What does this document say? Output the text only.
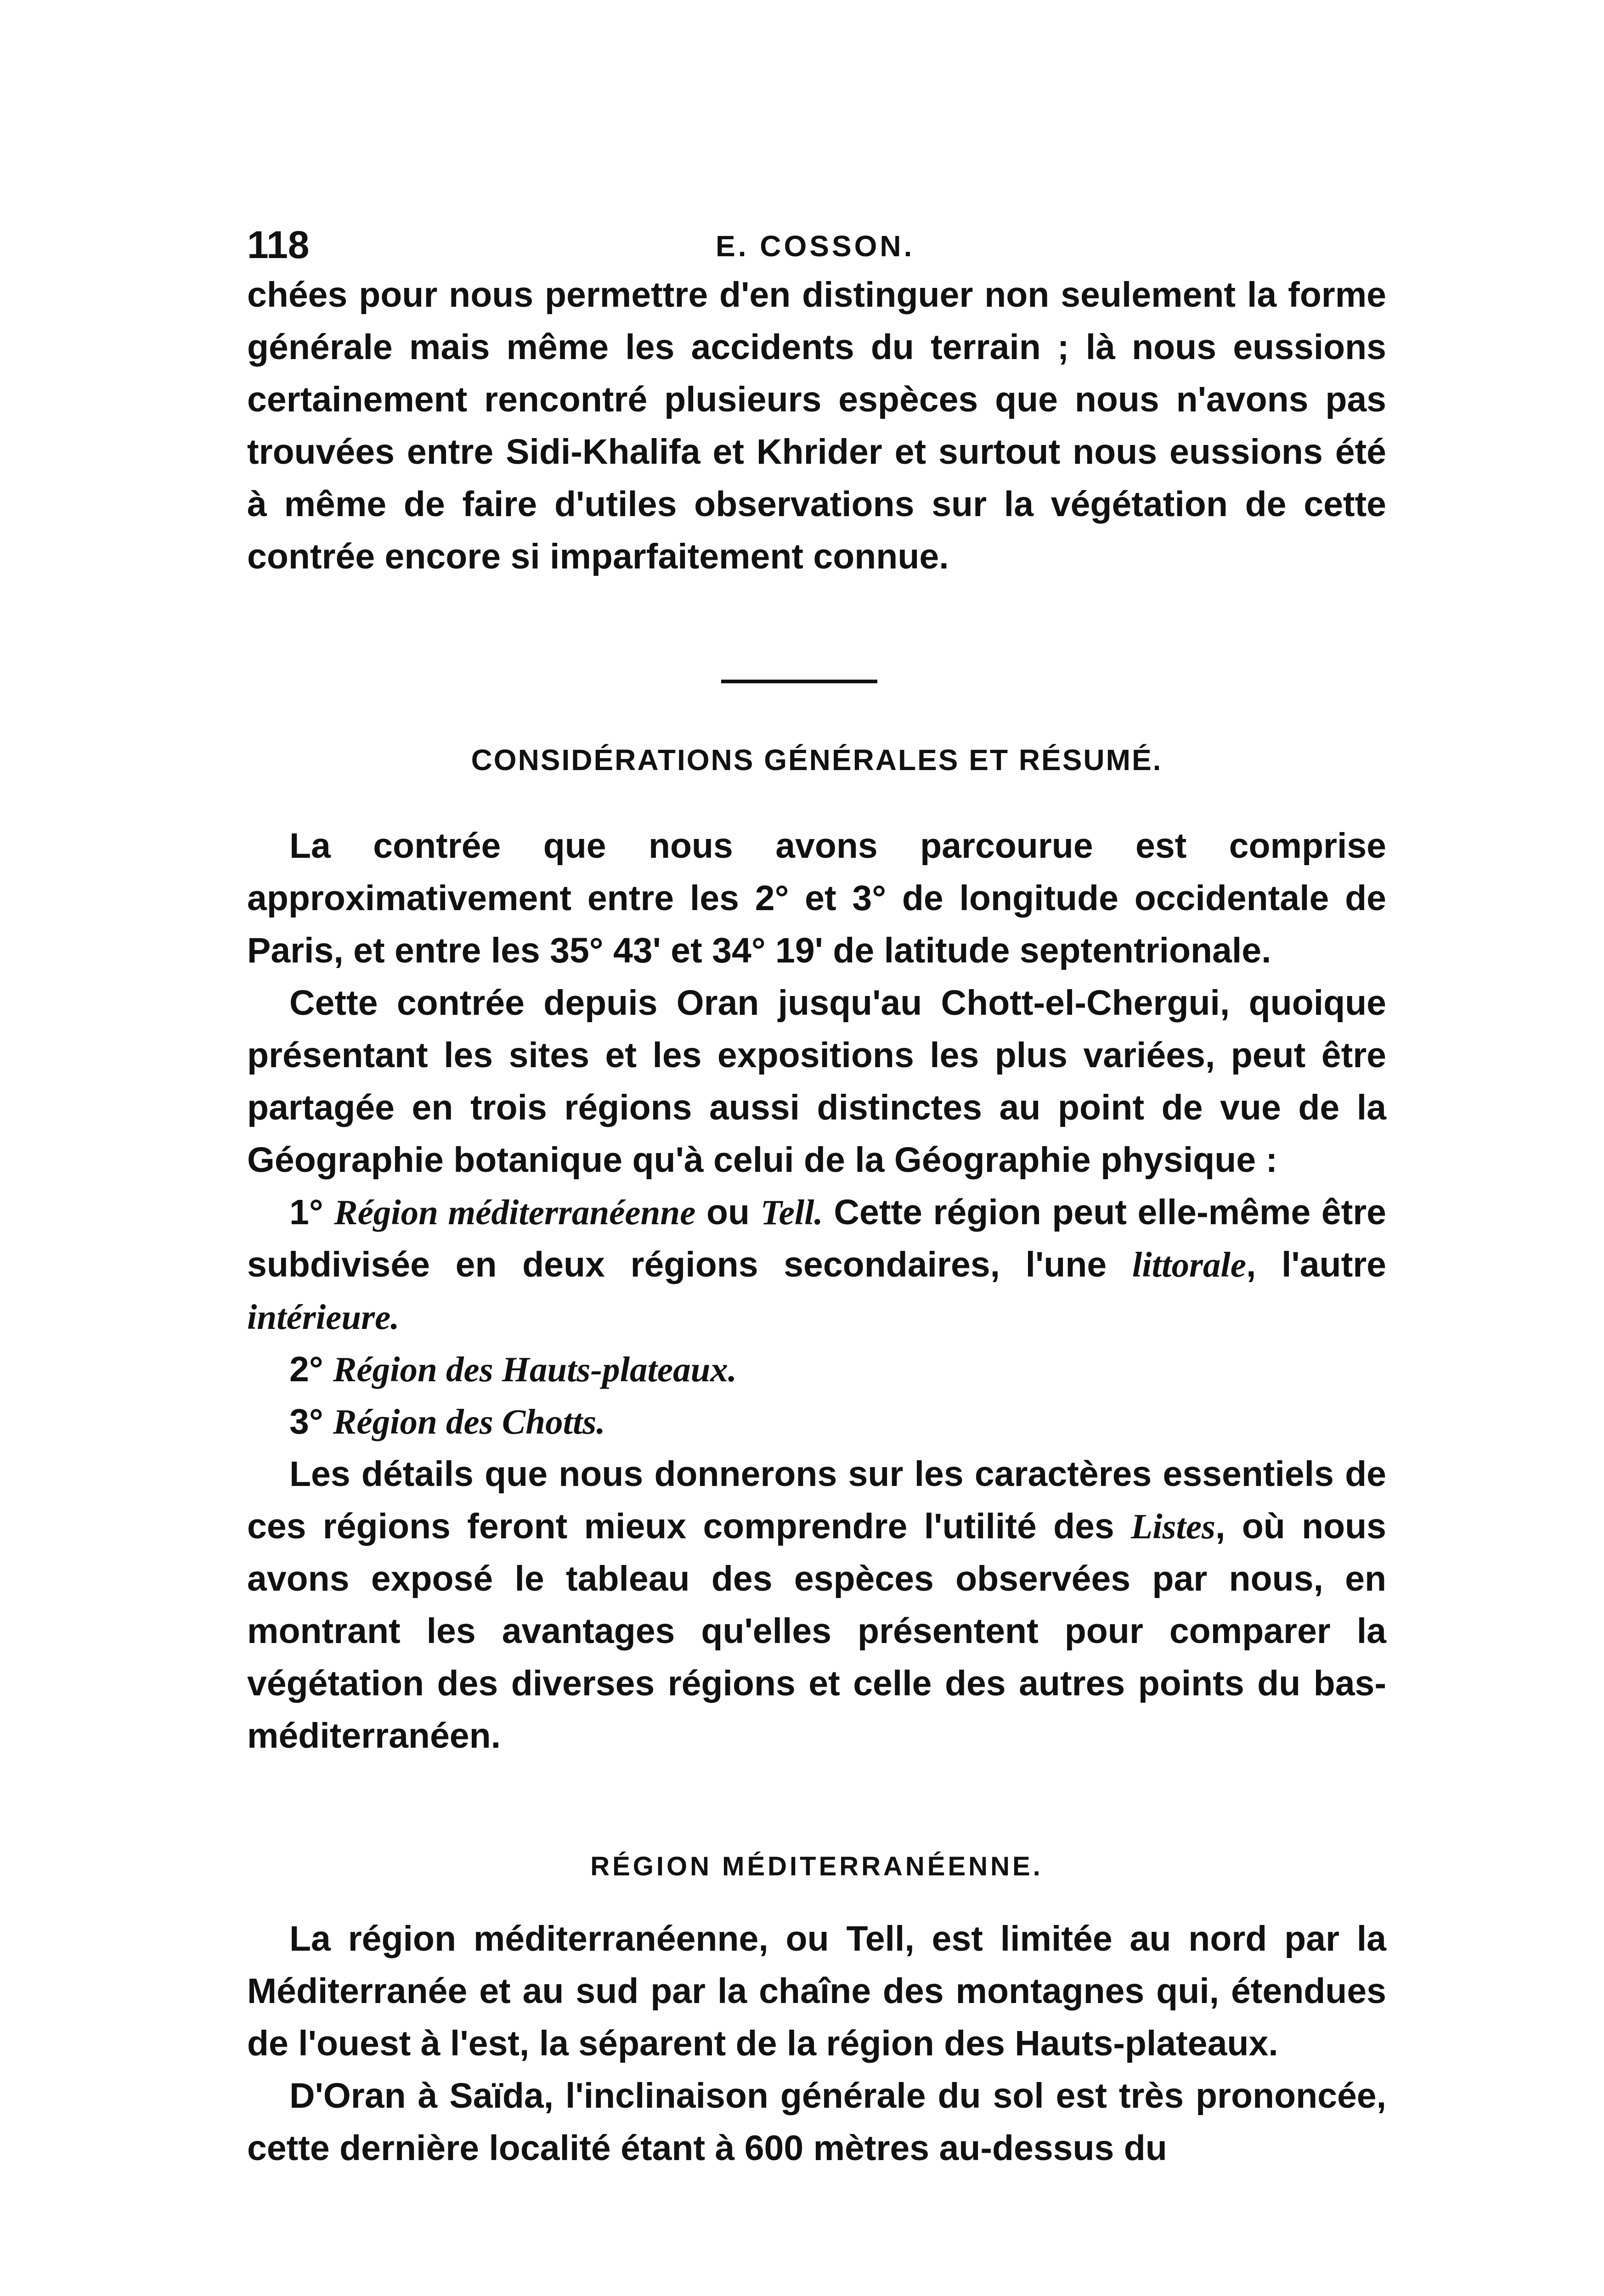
118	E. COSSON.

chées pour nous permettre d'en distinguer non seulement la forme générale mais même les accidents du terrain ; là nous eussions certainement rencontré plusieurs espèces que nous n'avons pas trouvées entre Sidi-Khalifa et Khrider et surtout nous eussions été à même de faire d'utiles observations sur la végétation de cette contrée encore si imparfaitement connue.

CONSIDÉRATIONS GÉNÉRALES ET RÉSUMÉ.

La contrée que nous avons parcourue est comprise approximativement entre les 2° et 3° de longitude occidentale de Paris, et entre les 35° 43' et 34° 19' de latitude septentrionale.

Cette contrée depuis Oran jusqu'au Chott-el-Chergui, quoique présentant les sites et les expositions les plus variées, peut être partagée en trois régions aussi distinctes au point de vue de la Géographie botanique qu'à celui de la Géographie physique :

1° Région méditerranéenne ou Tell. Cette région peut elle-même être subdivisée en deux régions secondaires, l'une littorale, l'autre intérieure.

2° Région des Hauts-plateaux.

3° Région des Chotts.

Les détails que nous donnerons sur les caractères essentiels de ces régions feront mieux comprendre l'utilité des Listes, où nous avons exposé le tableau des espèces observées par nous, en montrant les avantages qu'elles présentent pour comparer la végétation des diverses régions et celle des autres points du bas-méditerranéen.

RÉGION MÉDITERRANÉENNE.

La région méditerranéenne, ou Tell, est limitée au nord par la Méditerranée et au sud par la chaîne des montagnes qui, étendues de l'ouest à l'est, la séparent de la région des Hauts-plateaux.

D'Oran à Saïda, l'inclinaison générale du sol est très prononcée, cette dernière localité étant à 600 mètres au-dessus du
